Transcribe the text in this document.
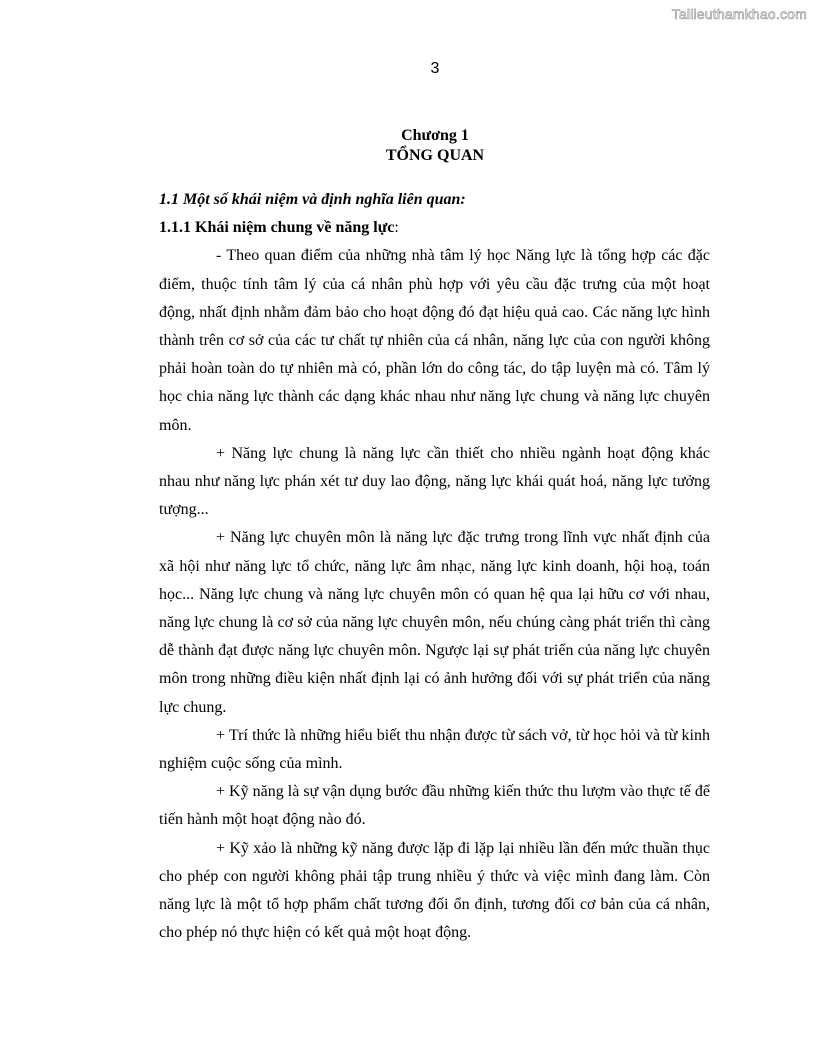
Tailieuthamkhao.com
3
Chương 1
TỔNG QUAN

1.1 Một số khái niệm và định nghĩa liên quan:

1.1.1 Khái niệm chung về năng lực:

- Theo quan điểm của những nhà tâm lý học Năng lực là tổng hợp các đặc điểm, thuộc tính tâm lý của cá nhân phù hợp với yêu cầu đặc trưng của một hoạt động, nhất định nhằm đảm bảo cho hoạt động đó đạt hiệu quả cao. Các năng lực hình thành trên cơ sở của các tư chất tự nhiên của cá nhân, năng lực của con người không phải hoàn toàn do tự nhiên mà có, phần lớn do công tác, do tập luyện mà có. Tâm lý học chia năng lực thành các dạng khác nhau như năng lực chung và năng lực chuyên môn.

+ Năng lực chung là năng lực cần thiết cho nhiều ngành hoạt động khác nhau như năng lực phán xét tư duy lao động, năng lực khái quát hoá, năng lực tưởng tượng...

+ Năng lực chuyên môn là năng lực đặc trưng trong lĩnh vực nhất định của xã hội như năng lực tổ chức, năng lực âm nhạc, năng lực kinh doanh, hội hoạ, toán học... Năng lực chung và năng lực chuyên môn có quan hệ qua lại hữu cơ với nhau, năng lực chung là cơ sở của năng lực chuyên môn, nếu chúng càng phát triển thì càng dễ thành đạt được năng lực chuyên môn. Ngược lại sự phát triển của năng lực chuyên môn trong những điều kiện nhất định lại có ảnh hưởng đối với sự phát triển của năng lực chung.

+ Trí thức là những hiểu biết thu nhận được từ sách vở, từ học hỏi và từ kinh nghiệm cuộc sống của mình.

+ Kỹ năng là sự vận dụng bước đầu những kiến thức thu lượm vào thực tế để tiến hành một hoạt động nào đó.

+ Kỹ xảo là những kỹ năng được lặp đi lặp lại nhiều lần đến mức thuần thục cho phép con người không phải tập trung nhiều ý thức và việc mình đang làm. Còn năng lực là một tổ hợp phẩm chất tương đối ổn định, tương đối cơ bản của cá nhân, cho phép nó thực hiện có kết quả một hoạt động.
